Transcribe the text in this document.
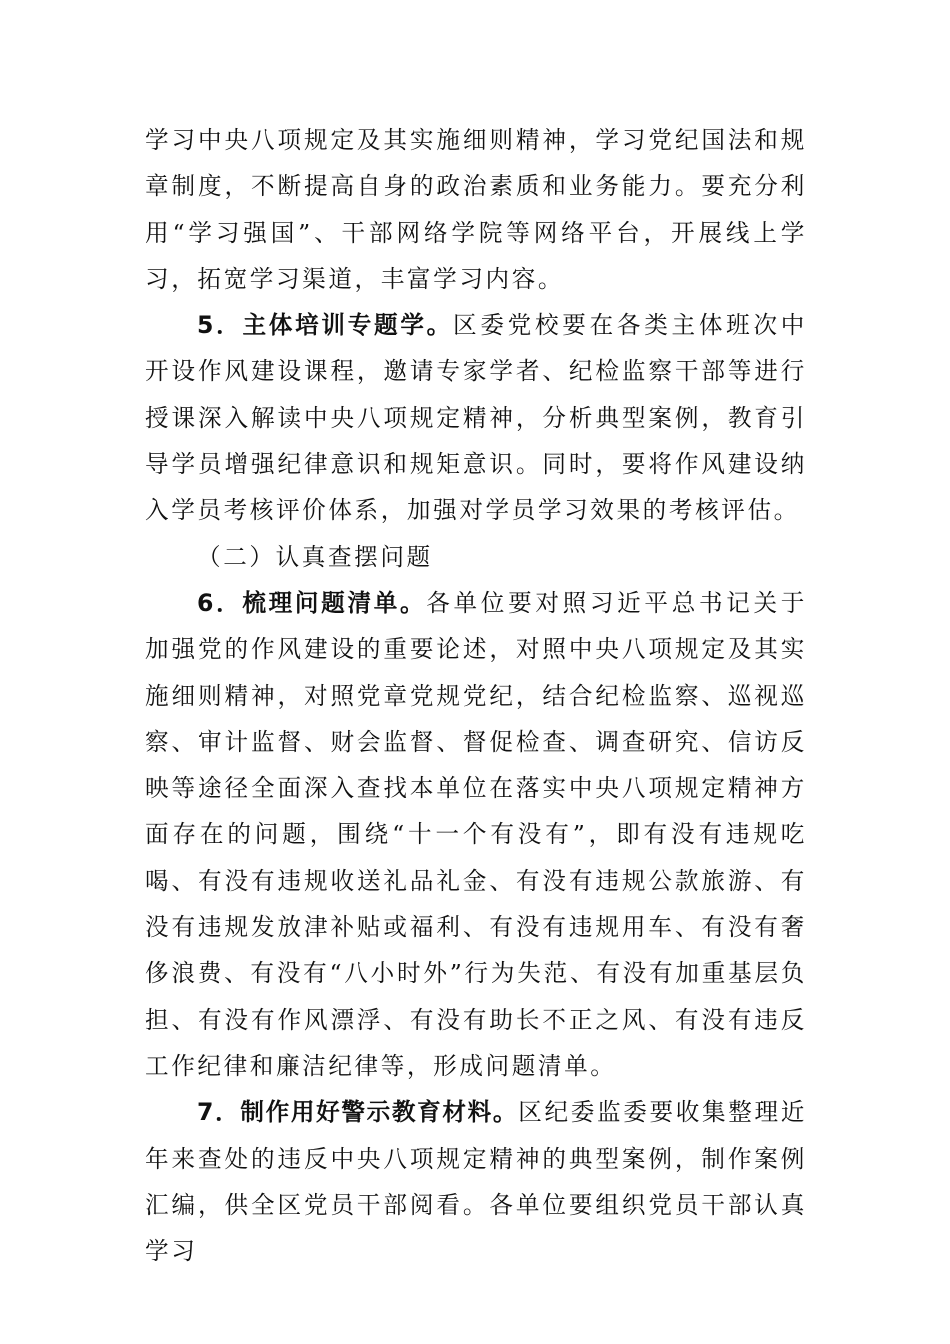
学习中央八项规定及其实施细则精神，学习党纪国法和规章制度，不断提高自身的政治素质和业务能力。要充分利用“学习强国”、干部网络学院等网络平台，开展线上学习，拓宽学习渠道，丰富学习内容。

5．主体培训专题学。区委党校要在各类主体班次中开设作风建设课程，邀请专家学者、纪检监察干部等进行授课深入解读中央八项规定精神，分析典型案例，教育引导学员增强纪律意识和规矩意识。同时，要将作风建设纳入学员考核评价体系，加强对学员学习效果的考核评估。

（二）认真查摆问题

6．梳理问题清单。各单位要对照习近平总书记关于加强党的作风建设的重要论述，对照中央八项规定及其实施细则精神，对照党章党规党纪，结合纪检监察、巡视巡察、审计监督、财会监督、督促检查、调查研究、信访反映等途径全面深入查找本单位在落实中央八项规定精神方面存在的问题，围绕“十一个有没有”，即有没有违规吃喝、有没有违规收送礼品礼金、有没有违规公款旅游、有没有违规发放津补贴或福利、有没有违规用车、有没有奢侈浪费、有没有“八小时外”行为失范、有没有加重基层负担、有没有作风漂浮、有没有助长不正之风、有没有违反工作纪律和廉洁纪律等，形成问题清单。

7．制作用好警示教育材料。区纪委监委要收集整理近年来查处的违反中央八项规定精神的典型案例，制作案例汇编，供全区党员干部阅看。各单位要组织党员干部认真学习
